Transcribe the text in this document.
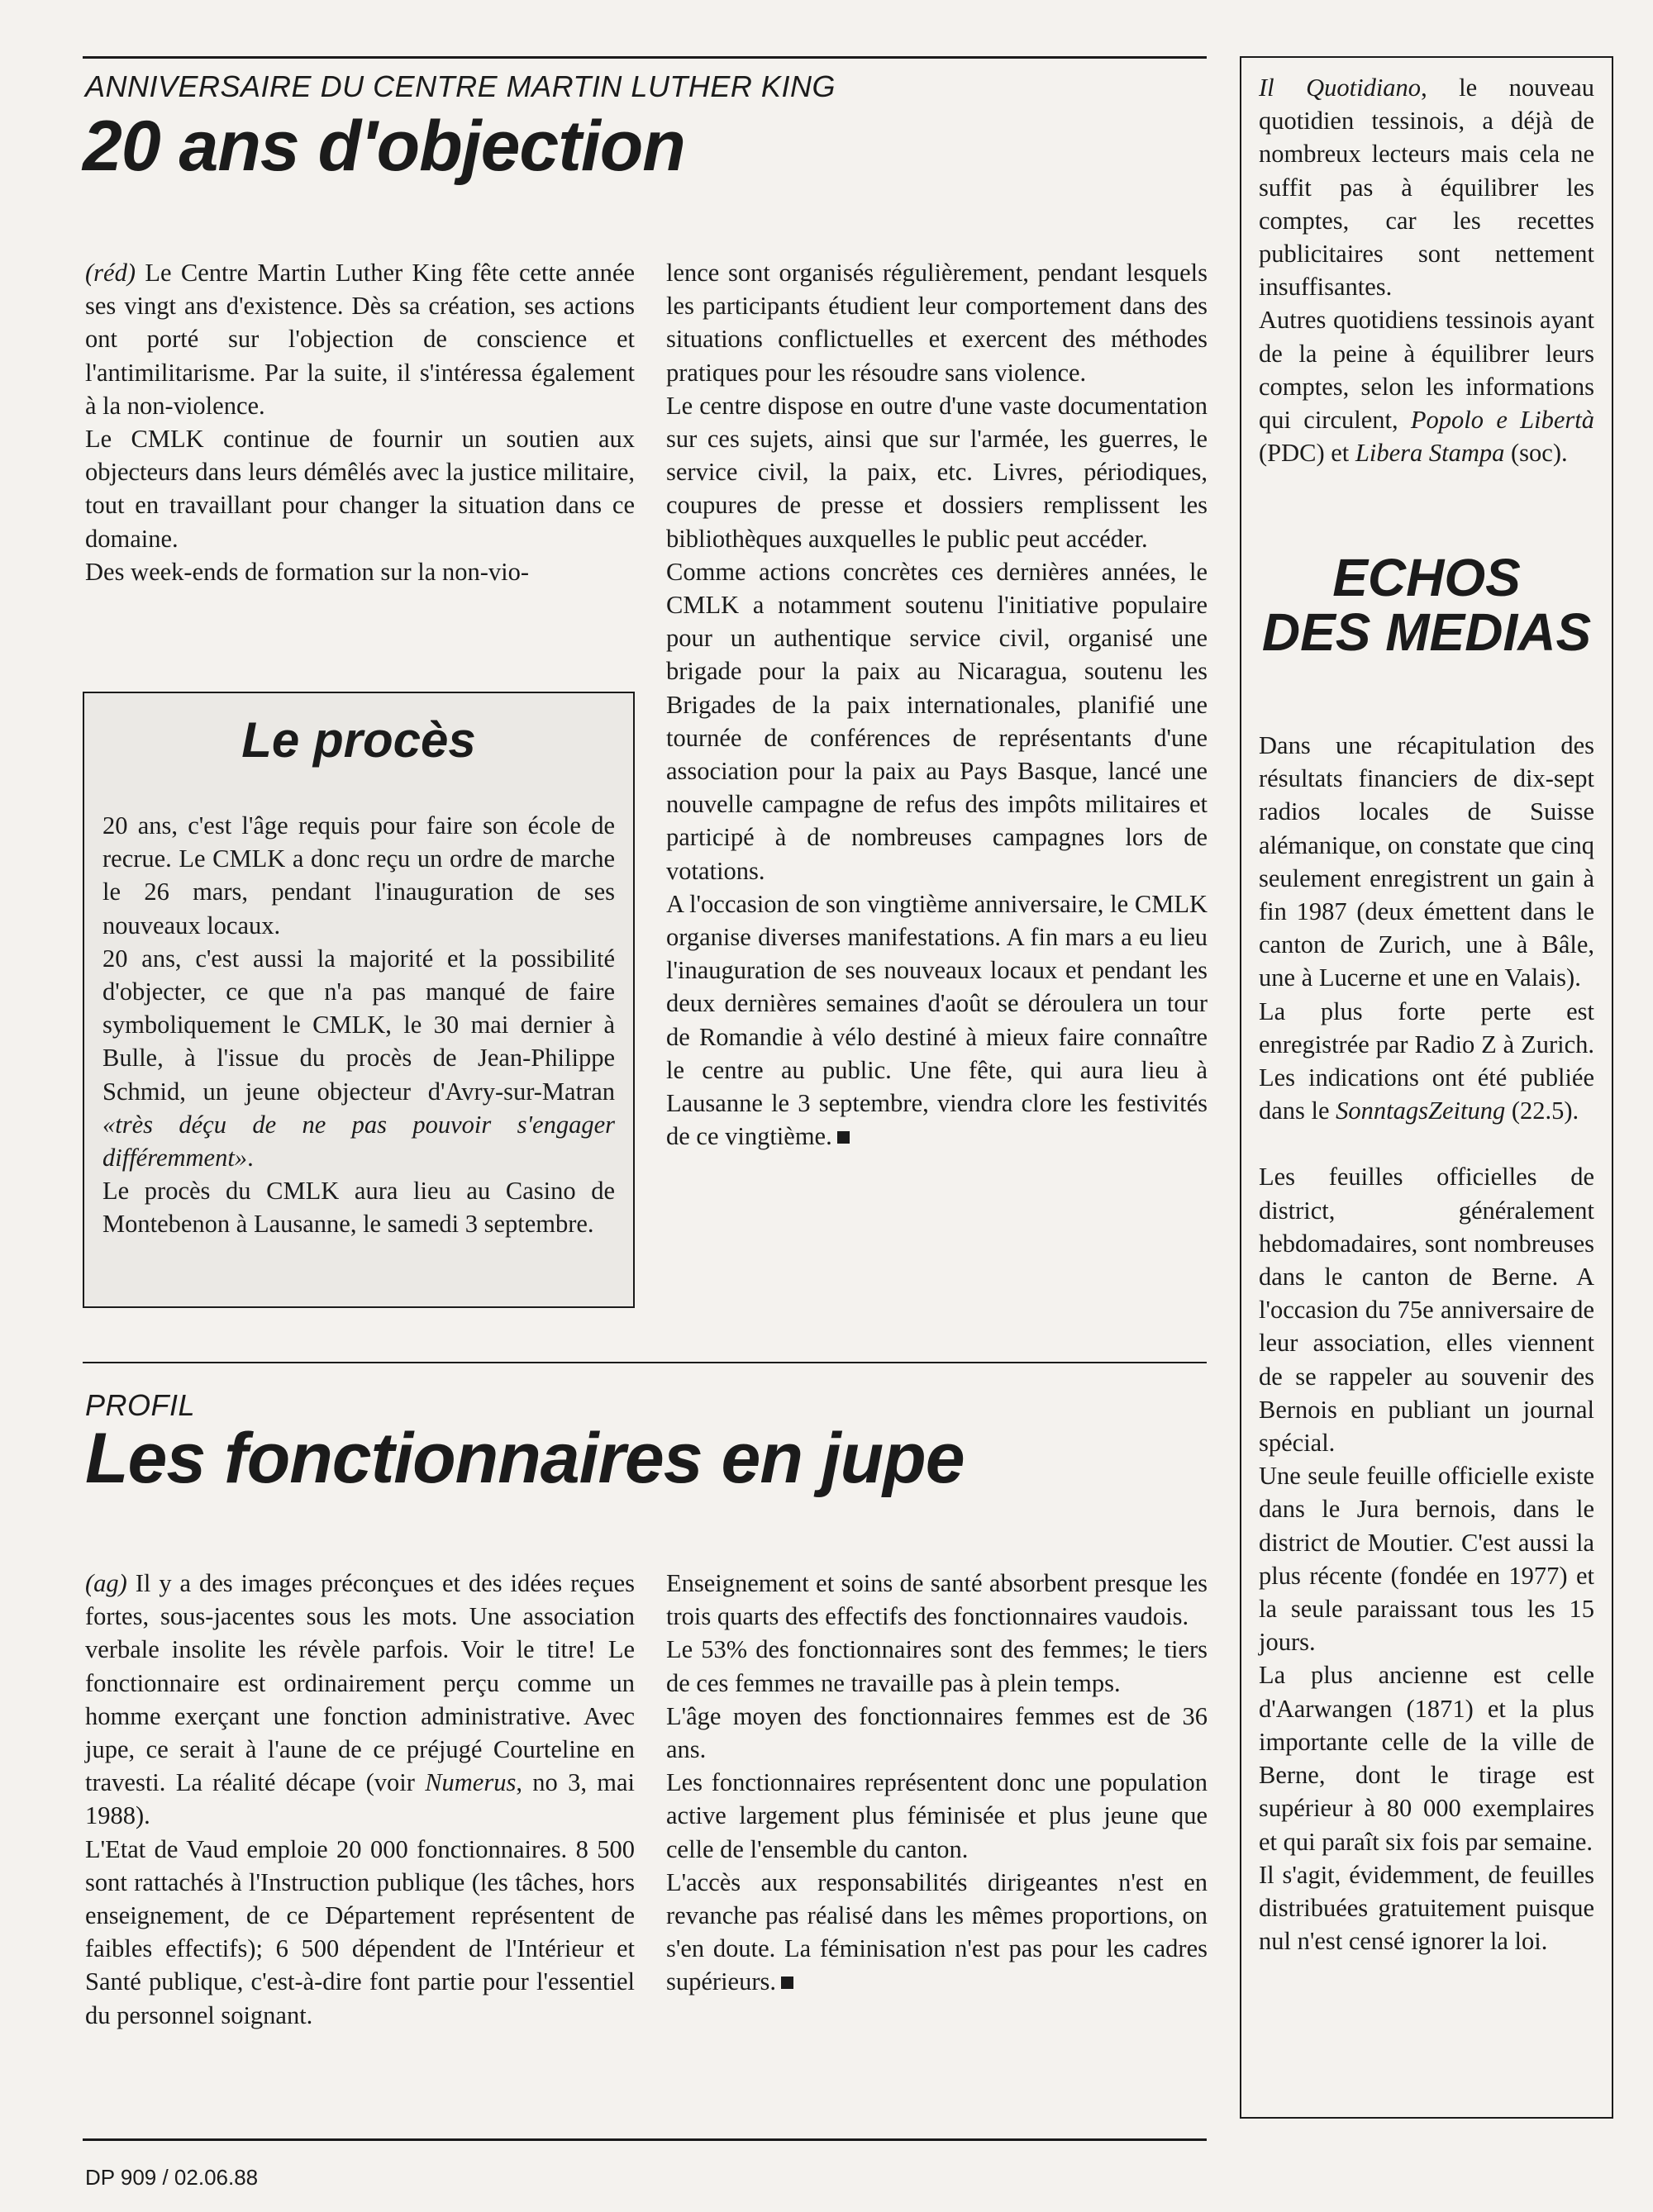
ANNIVERSAIRE DU CENTRE MARTIN LUTHER KING
20 ans d'objection

(réd) Le Centre Martin Luther King fête cette année ses vingt ans d'existence. Dès sa création, ses actions ont porté sur l'objection de conscience et l'antimilitarisme. Par la suite, il s'intéressa également à la non-violence.

Le CMLK continue de fournir un soutien aux objecteurs dans leurs démêlés avec la justice militaire, tout en travaillant pour changer la situation dans ce domaine.

Des week-ends de formation sur la non-vio-

lence sont organisés régulièrement, pendant lesquels les participants étudient leur comportement dans des situations conflictuelles et exercent des méthodes pratiques pour les résoudre sans violence.

Le centre dispose en outre d'une vaste documentation sur ces sujets, ainsi que sur l'armée, les guerres, le service civil, la paix, etc. Livres, périodiques, coupures de presse et dossiers remplissent les bibliothèques auxquelles le public peut accéder.

Comme actions concrètes ces dernières années, le CMLK a notamment soutenu l'initiative populaire pour un authentique service civil, organisé une brigade pour la paix au Nicaragua, soutenu les Brigades de la paix internationales, planifié une tournée de conférences de représentants d'une association pour la paix au Pays Basque, lancé une nouvelle campagne de refus des impôts militaires et participé à de nombreuses campagnes lors de votations.

A l'occasion de son vingtième anniversaire, le CMLK organise diverses manifestations. A fin mars a eu lieu l'inauguration de ses nouveaux locaux et pendant les deux dernières semaines d'août se déroulera un tour de Romandie à vélo destiné à mieux faire connaître le centre au public. Une fête, qui aura lieu à Lausanne le 3 septembre, viendra clore les festivités de ce vingtième.

Le procès

20 ans, c'est l'âge requis pour faire son école de recrue. Le CMLK a donc reçu un ordre de marche le 26 mars, pendant l'inauguration de ses nouveaux locaux.

20 ans, c'est aussi la majorité et la possibilité d'objecter, ce que n'a pas manqué de faire symboliquement le CMLK, le 30 mai dernier à Bulle, à l'issue du procès de Jean-Philippe Schmid, un jeune objecteur d'Avry-sur-Matran «très déçu de ne pas pouvoir s'engager différemment».

Le procès du CMLK aura lieu au Casino de Montebenon à Lausanne, le samedi 3 septembre.

PROFIL
Les fonctionnaires en jupe

(ag) Il y a des images préconçues et des idées reçues fortes, sous-jacentes sous les mots. Une association verbale insolite les révèle parfois. Voir le titre! Le fonctionnaire est ordinairement perçu comme un homme exerçant une fonction administrative. Avec jupe, ce serait à l'aune de ce préjugé Courteline en travesti. La réalité décape (voir Numerus, no 3, mai 1988).

L'Etat de Vaud emploie 20 000 fonctionnaires. 8 500 sont rattachés à l'Instruction publique (les tâches, hors enseignement, de ce Département représentent de faibles effectifs); 6 500 dépendent de l'Intérieur et Santé publique, c'est-à-dire font partie pour l'essentiel du personnel soignant.

Enseignement et soins de santé absorbent presque les trois quarts des effectifs des fonctionnaires vaudois.

Le 53% des fonctionnaires sont des femmes; le tiers de ces femmes ne travaille pas à plein temps.

L'âge moyen des fonctionnaires femmes est de 36 ans.

Les fonctionnaires représentent donc une population active largement plus féminisée et plus jeune que celle de l'ensemble du canton.

L'accès aux responsabilités dirigeantes n'est en revanche pas réalisé dans les mêmes proportions, on s'en doute. La féminisation n'est pas pour les cadres supérieurs.

Il Quotidiano, le nouveau quotidien tessinois, a déjà de nombreux lecteurs mais cela ne suffit pas à équilibrer les comptes, car les recettes publicitaires sont nettement insuffisantes.

Autres quotidiens tessinois ayant de la peine à équilibrer leurs comptes, selon les informations qui circulent, Popolo e Libertà (PDC) et Libera Stampa (soc).

ECHOS
DES MEDIAS

Dans une récapitulation des résultats financiers de dix-sept radios locales de Suisse alémanique, on constate que cinq seulement enregistrent un gain à fin 1987 (deux émettent dans le canton de Zurich, une à Bâle, une à Lucerne et une en Valais).

La plus forte perte est enregistrée par Radio Z à Zurich. Les indications ont été publiée dans le SonntagsZeitung (22.5).

Les feuilles officielles de district, généralement hebdomadaires, sont nombreuses dans le canton de Berne. A l'occasion du 75e anniversaire de leur association, elles viennent de se rappeler au souvenir des Bernois en publiant un journal spécial.

Une seule feuille officielle existe dans le Jura bernois, dans le district de Moutier. C'est aussi la plus récente (fondée en 1977) et la seule paraissant tous les 15 jours.

La plus ancienne est celle d'Aarwangen (1871) et la plus importante celle de la ville de Berne, dont le tirage est supérieur à 80 000 exemplaires et qui paraît six fois par semaine.

Il s'agit, évidemment, de feuilles distribuées gratuitement puisque nul n'est censé ignorer la loi.

DP 909 / 02.06.88
